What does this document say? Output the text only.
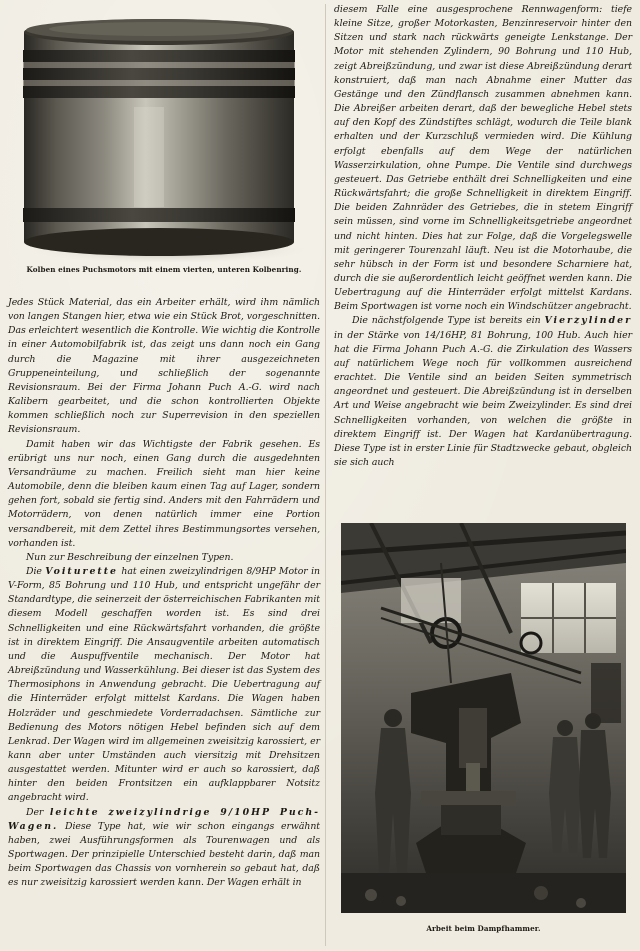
Kolben eines Puchsmotors mit einem vierten, unteren Kolbenring.

Jedes Stück Material, das ein Arbeiter erhält, wird ihm nämlich von langen Stangen hier, etwa wie ein Stück Brot, vorgeschnitten. Das erleichtert wesentlich die Kontrolle. Wie wichtig die Kontrolle in einer Automobilfabrik ist, das zeigt uns dann noch ein Gang durch die Magazine mit ihrer ausgezeichneten Gruppeneinteilung, und schließlich der sogenannte Revisionsraum. Bei der Firma Johann Puch A.-G. wird nach Kalibern gearbeitet, und die schon kontrollierten Objekte kommen schließlich noch zur Superrevision in den speziellen Revisionsraum.

Damit haben wir das Wichtigste der Fabrik gesehen. Es erübrigt uns nur noch, einen Gang durch die ausgedehnten Versandräume zu machen. Freilich sieht man hier keine Automobile, denn die bleiben kaum einen Tag auf Lager, sondern gehen fort, sobald sie fertig sind. Anders mit den Fahrrädern und Motorrädern, von denen natürlich immer eine Portion versandbereit, mit dem Zettel ihres Bestimmungsortes versehen, vorhanden ist.

Nun zur Beschreibung der einzelnen Typen.

Die Voiturette hat einen zweizylindrigen 8/9HP Motor in V-Form, 85 Bohrung und 110 Hub, und entspricht ungefähr der Standardtype, die seinerzeit der österreichischen Fabrikanten mit diesem Modell geschaffen worden ist. Es sind drei Schnelligkeiten und eine Rückwärtsfahrt vorhanden, die größte ist in direktem Eingriff. Die Ansaugventile arbeiten automatisch und die Auspuffventile mechanisch. Der Motor hat Abreißzündung und Wasserkühlung. Bei dieser ist das System des Thermosiphons in Anwendung gebracht. Die Uebertragung auf die Hinterräder erfolgt mittelst Kardans. Die Wagen haben Holzräder und geschmiedete Vorderradachsen. Sämtliche zur Bedienung des Motors nötigen Hebel befinden sich auf dem Lenkrad. Der Wagen wird im allgemeinen zweisitzig karossiert, er kann aber unter Umständen auch viersitzig mit Drehsitzen ausgestattet werden. Mitunter wird er auch so karossiert, daß hinter den beiden Frontsitzen ein aufklappbarer Notsitz angebracht wird.

Der leichte zweizylindrige 9/10HP Puch-Wagen. Diese Type hat, wie wir schon eingangs erwähnt haben, zwei Ausführungsformen als Tourenwagen und als Sportwagen. Der prinzipielle Unterschied besteht darin, daß man beim Sportwagen das Chassis von vornherein so gebaut hat, daß es nur zweisitzig karossiert werden kann. Der Wagen erhält in

diesem Falle eine ausgesprochene Rennwagenform: tiefe kleine Sitze, großer Motorkasten, Benzinreservoir hinter den Sitzen und stark nach rückwärts geneigte Lenkstange. Der Motor mit stehenden Zylindern, 90 Bohrung und 110 Hub, zeigt Abreißzündung, und zwar ist diese Abreißzündung derart konstruiert, daß man nach Abnahme einer Mutter das Gestänge und den Zündflansch zusammen abnehmen kann. Die Abreißer arbeiten derart, daß der bewegliche Hebel stets auf den Kopf des Zündstiftes schlägt, wodurch die Teile blank erhalten und der Kurzschluß vermieden wird. Die Kühlung erfolgt ebenfalls auf dem Wege der natürlichen Wasserzirkulation, ohne Pumpe. Die Ventile sind durchwegs gesteuert. Das Getriebe enthält drei Schnelligkeiten und eine Rückwärtsfahrt; die große Schnelligkeit in direktem Eingriff. Die beiden Zahnräder des Getriebes, die in stetem Eingriff sein müssen, sind vorne im Schnelligkeitsgetriebe angeordnet und nicht hinten. Dies hat zur Folge, daß die Vorgelegswelle mit geringerer Tourenzahl läuft. Neu ist die Motorhaube, die sehr hübsch in der Form ist und besondere Scharniere hat, durch die sie außerordentlich leicht geöffnet werden kann. Die Uebertragung auf die Hinterräder erfolgt mittelst Kardans. Beim Sportwagen ist vorne noch ein Windschützer angebracht.

Die nächstfolgende Type ist bereits ein Vierzylinder in der Stärke von 14/16HP, 81 Bohrung, 100 Hub. Auch hier hat die Firma Johann Puch A.-G. die Zirkulation des Wassers auf natürlichem Wege noch für vollkommen ausreichend erachtet. Die Ventile sind an beiden Seiten symmetrisch angeordnet und gesteuert. Die Abreißzündung ist in derselben Art und Weise angebracht wie beim Zweizylinder. Es sind drei Schnelligkeiten vorhanden, von welchen die größte in direktem Eingriff ist. Der Wagen hat Kardanübertragung. Diese Type ist in erster Linie für Stadtzwecke gebaut, obgleich sie sich auch

Arbeit beim Dampfhammer.
